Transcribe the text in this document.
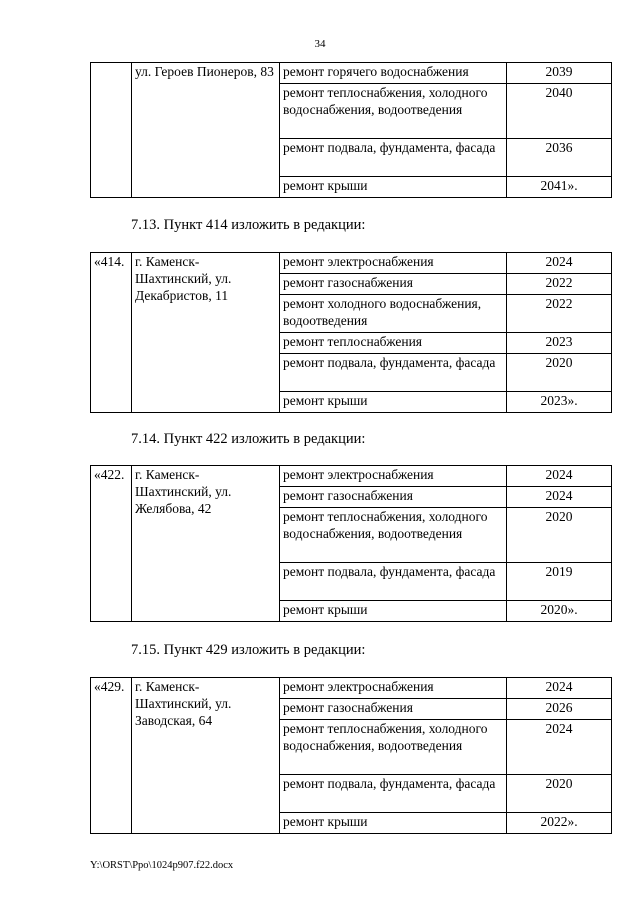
34
	ул. Героев Пионеров, 83	ремонт горячего водоснабжения	2039
		ремонт теплоснабжения, холодного водоснабжения, водоотведения	2040
		ремонт подвала, фундамента, фасада	2036
		ремонт крыши	2041».
7.13. Пункт 414 изложить в редакции:
«414.	г. Каменск-Шахтинский, ул. Декабристов, 11	ремонт электроснабжения	2024
		ремонт газоснабжения	2022
		ремонт холодного водоснабжения, водоотведения	2022
		ремонт теплоснабжения	2023
		ремонт подвала, фундамента, фасада	2020
		ремонт крыши	2023».
7.14. Пункт 422 изложить в редакции:
«422.	г. Каменск-Шахтинский, ул. Желябова, 42	ремонт электроснабжения	2024
		ремонт газоснабжения	2024
		ремонт теплоснабжения, холодного водоснабжения, водоотведения	2020
		ремонт подвала, фундамента, фасада	2019
		ремонт крыши	2020».
7.15. Пункт 429 изложить в редакции:
«429.	г. Каменск-Шахтинский, ул. Заводская, 64	ремонт электроснабжения	2024
		ремонт газоснабжения	2026
		ремонт теплоснабжения, холодного водоснабжения, водоотведения	2024
		ремонт подвала, фундамента, фасада	2020
		ремонт крыши	2022».
Y:\ORST\Ppo\1024p907.f22.docx
